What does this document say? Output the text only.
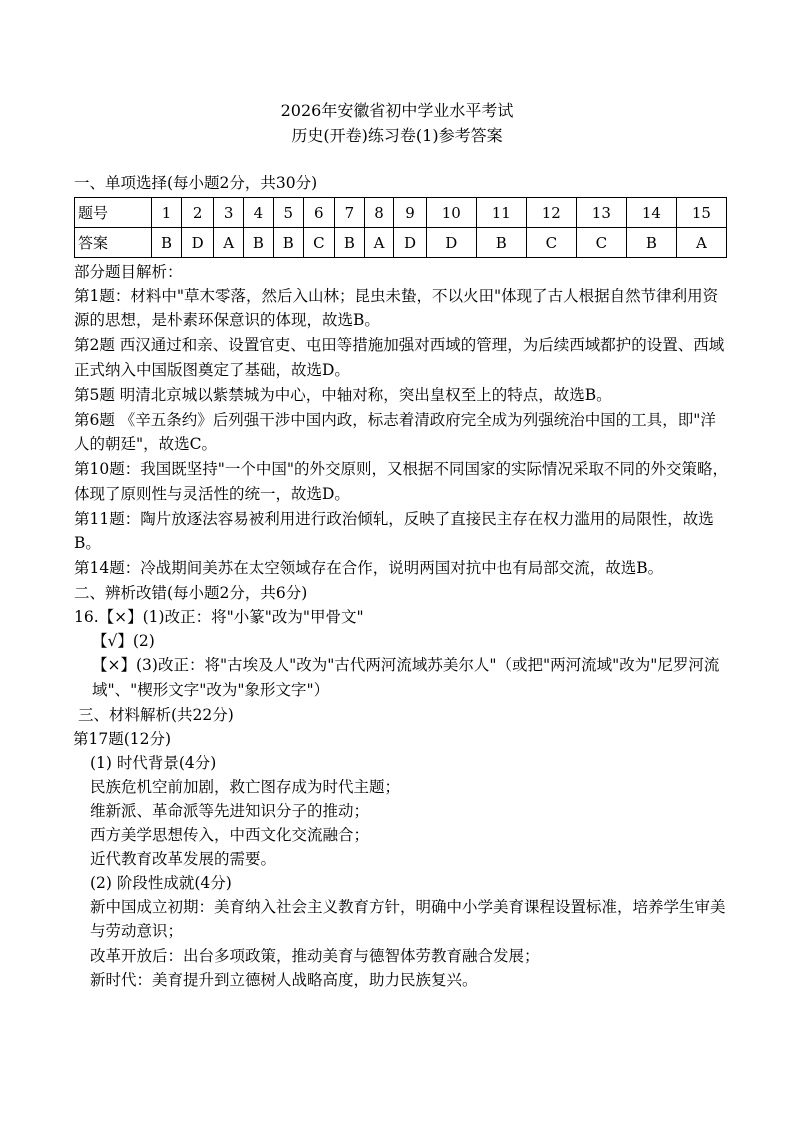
2026年安徽省初中学业水平考试
历史(开卷)练习卷(1)参考答案
一、单项选择(每小题2分，共30分)
题号	1	2	3	4	5	6	7	8	9	10	11	12	13	14	15
答案	B	D	A	B	B	C	B	A	D	D	B	C	C	B	A
部分题目解析：
第1题：材料中"草木零落，然后入山林；昆虫未蛰，不以火田"体现了古人根据自然节律利用资源的思想，是朴素环保意识的体现，故选B。
第2题 西汉通过和亲、设置官吏、屯田等措施加强对西域的管理，为后续西域都护的设置、西域正式纳入中国版图奠定了基础，故选D。
第5题 明清北京城以紫禁城为中心，中轴对称，突出皇权至上的特点，故选B。
第6题 《辛五条约》后列强干涉中国内政，标志着清政府完全成为列强统治中国的工具，即"洋人的朝廷"，故选C。
第10题：我国既坚持"一个中国"的外交原则，又根据不同国家的实际情况采取不同的外交策略，体现了原则性与灵活性的统一，故选D。
第11题：陶片放逐法容易被利用进行政治倾轧，反映了直接民主存在权力滥用的局限性，故选B。
第14题：冷战期间美苏在太空领域存在合作，说明两国对抗中也有局部交流，故选B。
二、辨析改错(每小题2分，共6分)
16.【×】(1)改正：将"小篆"改为"甲骨文"
【√】(2)
【×】(3)改正：将"古埃及人"改为"古代两河流域苏美尔人"（或把"两河流域"改为"尼罗河流域"、"楔形文字"改为"象形文字"）
三、材料解析(共22分)
第17题(12分)
(1) 时代背景(4分)
民族危机空前加剧，救亡图存成为时代主题；
维新派、革命派等先进知识分子的推动；
西方美学思想传入，中西文化交流融合；
近代教育改革发展的需要。
(2) 阶段性成就(4分)
新中国成立初期：美育纳入社会主义教育方针，明确中小学美育课程设置标准，培养学生审美与劳动意识；
改革开放后：出台多项政策，推动美育与德智体劳教育融合发展；
新时代：美育提升到立德树人战略高度，助力民族复兴。
